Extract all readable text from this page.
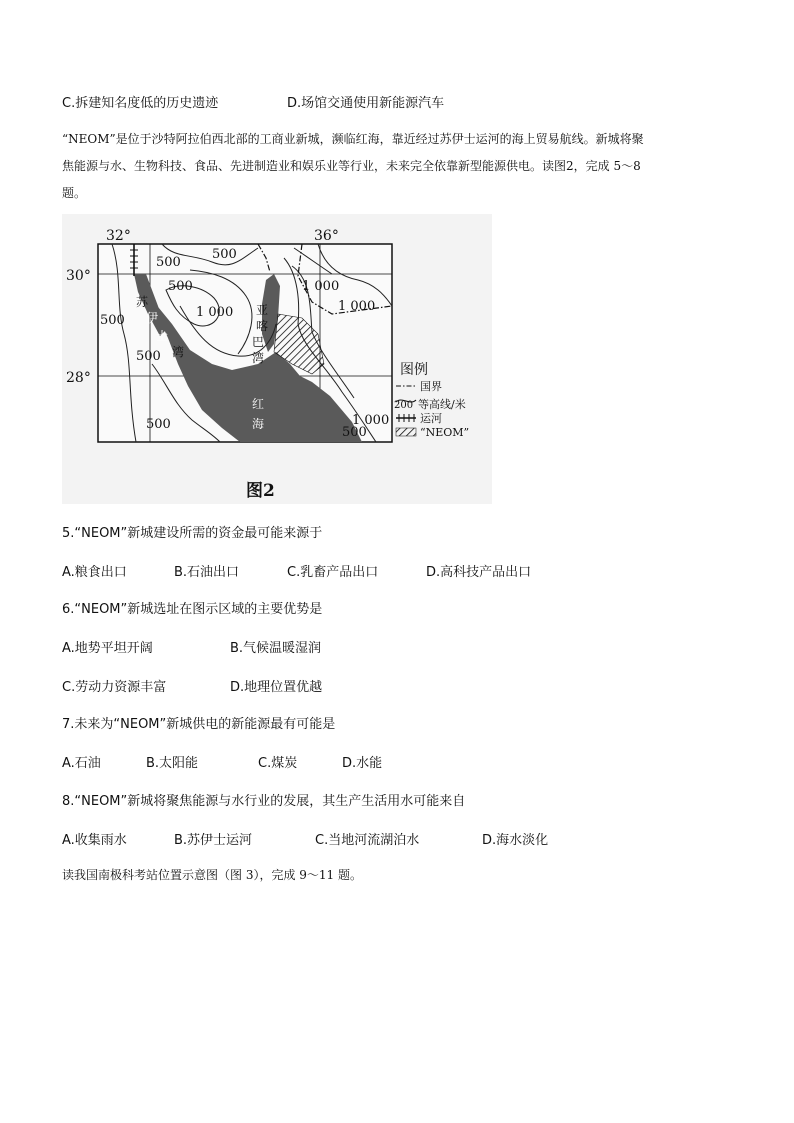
C.拆建知名度低的历史遗迹	D.场馆交通使用新能源汽车
“NEOM”是位于沙特阿拉伯西北部的工商业新城，濒临红海，靠近经过苏伊士运河的海上贸易航线。新城将聚
焦能源与水、生物科技、食品、先进制造业和娱乐业等行业，未来完全依靠新型能源供电。读图2，完成 5～8
题。
32°	36°
30°
28°
500
500
500
1 000
500
1 000
1 000
500
500
500
1 000
苏
伊
士
湾
亚
喀
巴
湾
红
海
图例
国界
200 等高线/米
运河
“NEOM”
图2
5.“NEOM”新城建设所需的资金最可能来源于
A.粮食出口	B.石油出口	C.乳畜产品出口	D.高科技产品出口
6.“NEOM”新城选址在图示区域的主要优势是
A.地势平坦开阔	B.气候温暖湿润
C.劳动力资源丰富	D.地理位置优越
7.未来为“NEOM”新城供电的新能源最有可能是
A.石油	B.太阳能	C.煤炭	D.水能
8.“NEOM”新城将聚焦能源与水行业的发展，其生产生活用水可能来自
A.收集雨水	B.苏伊士运河	C.当地河流湖泊水	D.海水淡化
读我国南极科考站位置示意图（图 3），完成 9～11 题。
